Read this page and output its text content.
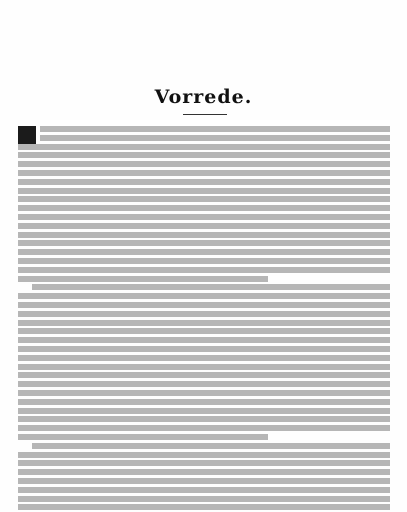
Vorrede.
